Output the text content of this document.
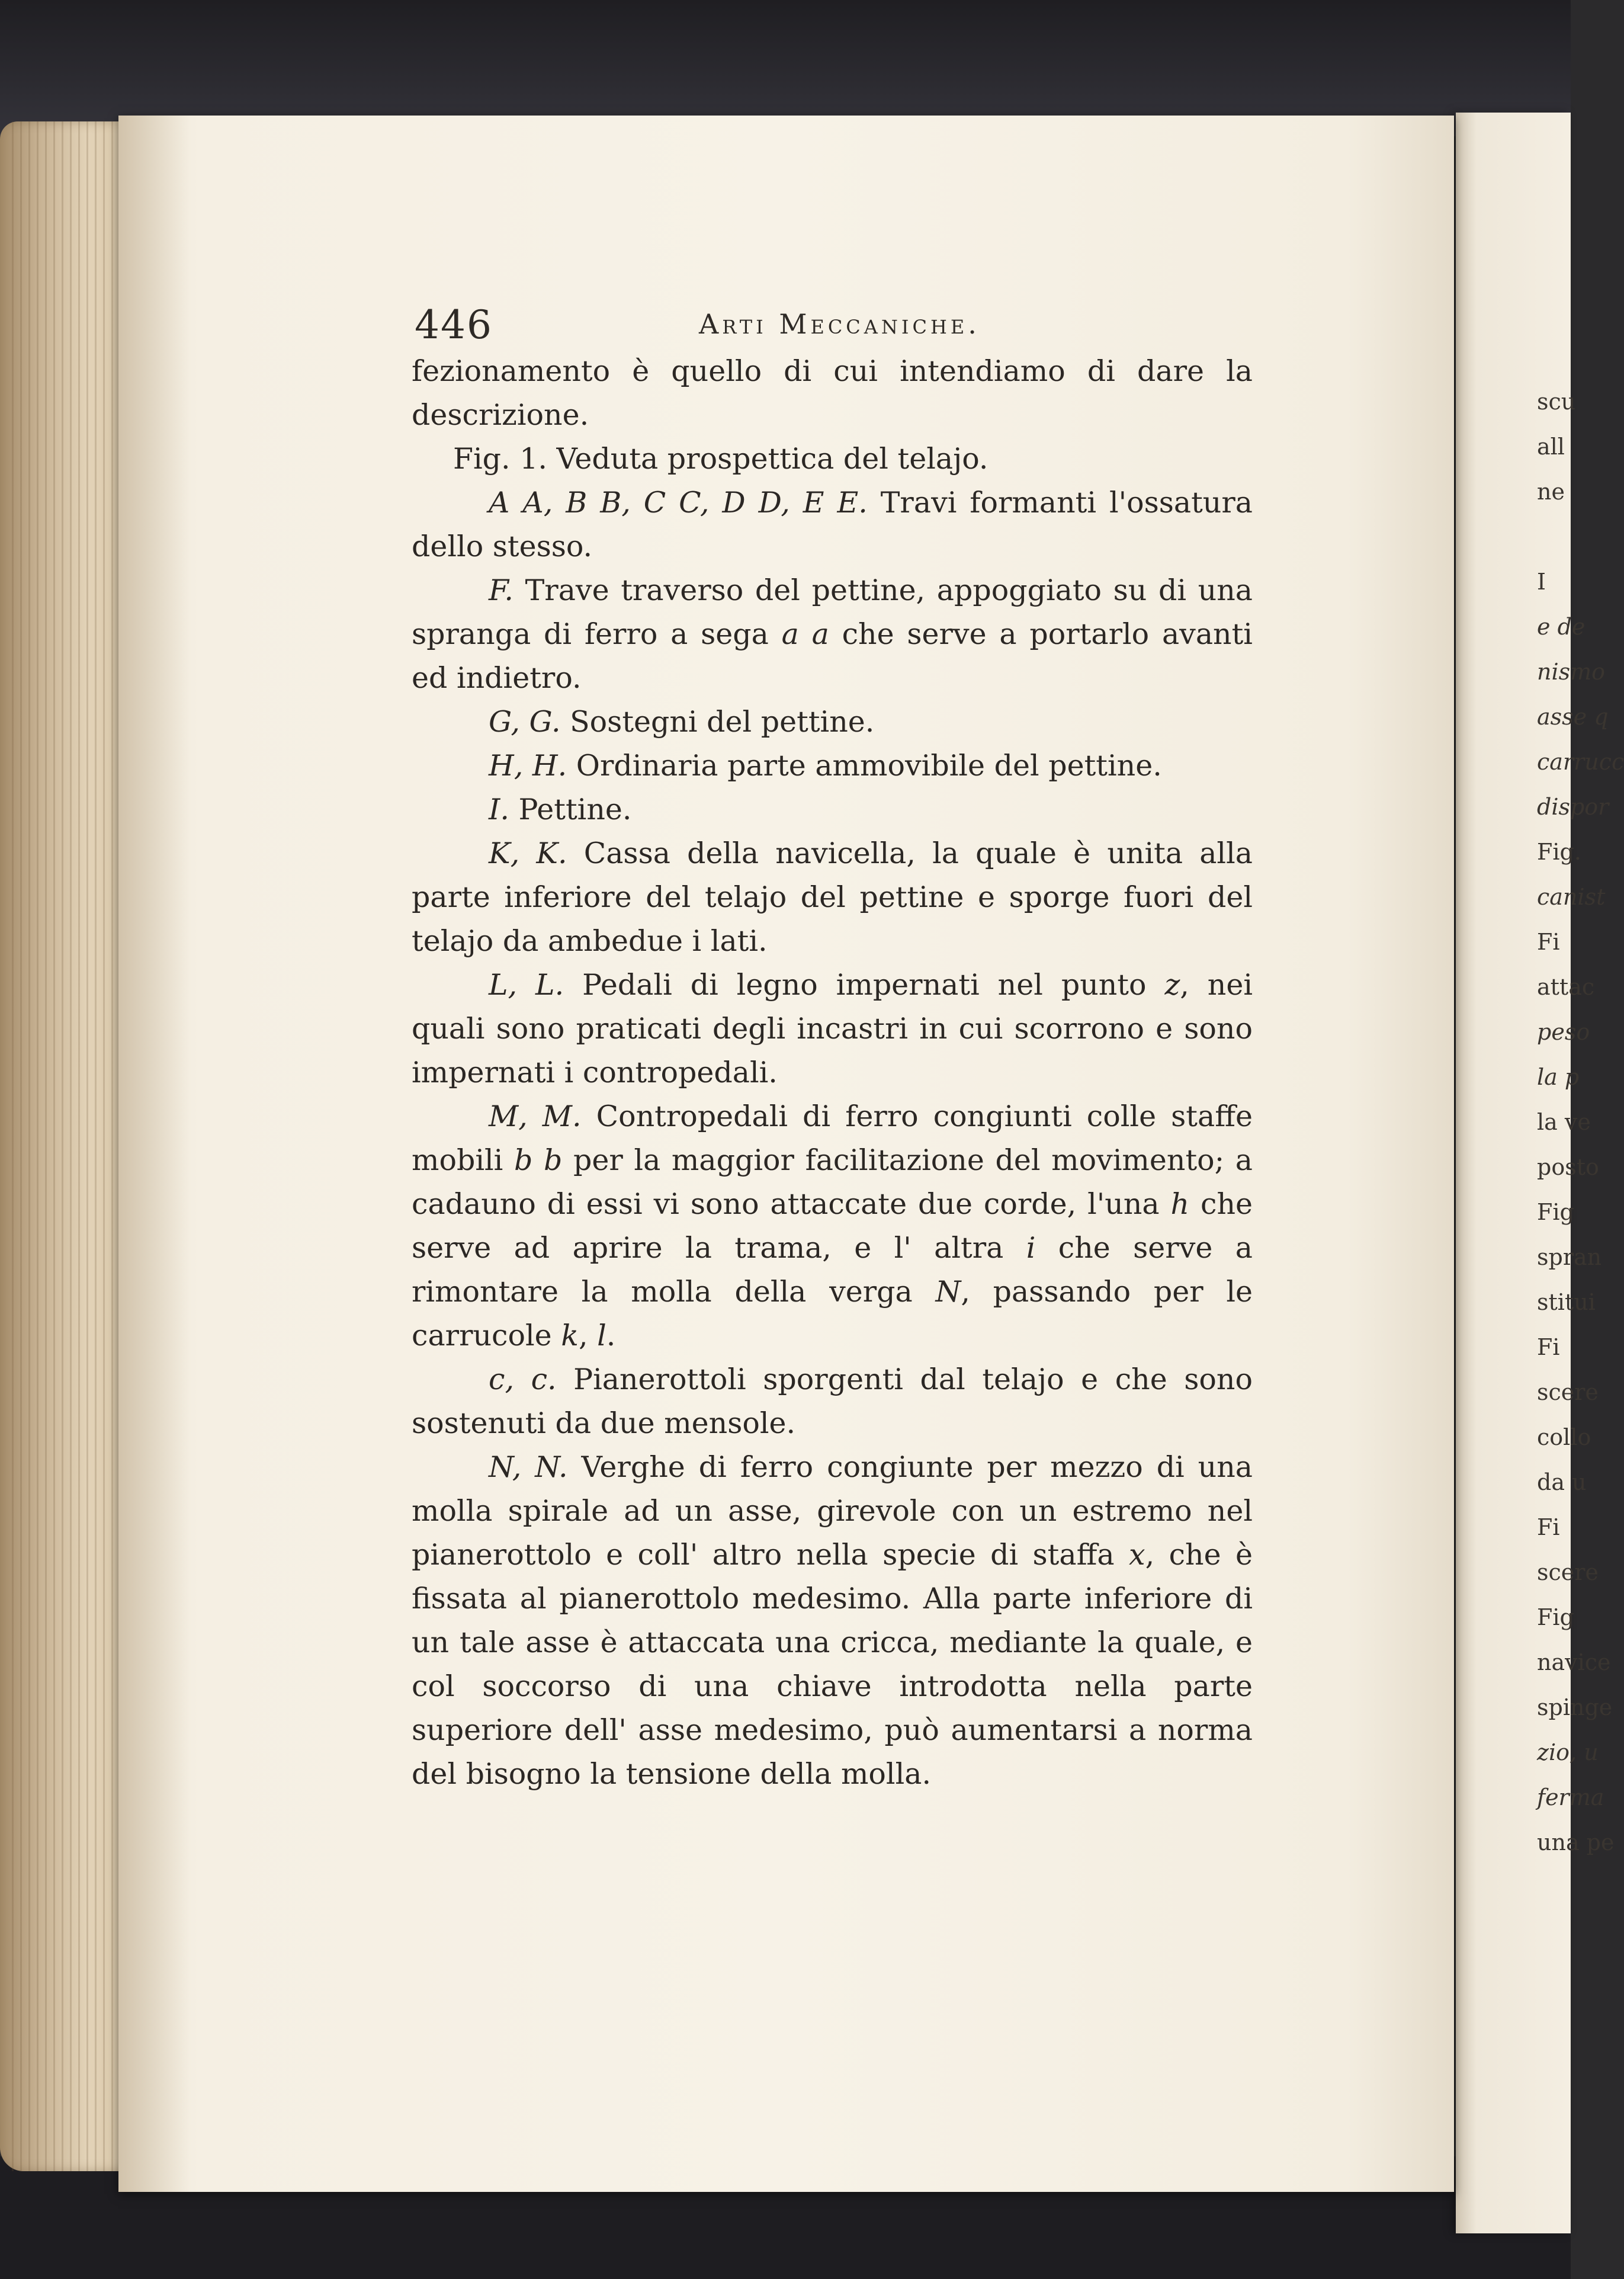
446	Arti Meccaniche.

fezionamento è quello di cui intendiamo di dare la descrizione.

Fig. 1. Veduta prospettica del telajo.

A A, B B, C C, D D, E E. Travi formanti l'ossatura dello stesso.

F. Trave traverso del pettine, appoggiato su di una spranga di ferro a sega a a che serve a portarlo avanti ed indietro.

G, G. Sostegni del pettine.

H, H. Ordinaria parte ammovibile del pettine.

I. Pettine.

K, K. Cassa della navicella, la quale è unita alla parte inferiore del telajo del pettine e sporge fuori del telajo da ambedue i lati.

L, L. Pedali di legno impernati nel punto z, nei quali sono praticati degli incastri in cui scorrono e sono impernati i contropedali.

M, M. Contropedali di ferro congiunti colle staffe mobili b b per la maggior facilitazione del movimento; a cadauno di essi vi sono attaccate due corde, l'una h che serve ad aprire la trama, e l' altra i che serve a rimontare la molla della verga N, passando per le carrucole k, l.

c, c. Pianerottoli sporgenti dal telajo e che sono sostenuti da due mensole.

N, N. Verghe di ferro congiunte per mezzo di una molla spirale ad un asse, girevole con un estremo nel pianerottolo e coll' altro nella specie di staffa x, che è fissata al pianerottolo medesimo. Alla parte inferiore di un tale asse è attaccata una cricca, mediante la quale, e col soccorso di una chiave introdotta nella parte superiore dell' asse medesimo, può aumentarsi a norma del bisogno la tensione della molla.

scu
all
ne
I
e de
nismo
asse q
carrucc
dispor
Fig.
canist
Fi
attac
peso
la p
la ve
posto
Fig
spran
stitui
Fi
scere
collo
da u
Fi
scere
Fig
navice
spinge
zio, u
ferma
una pe
